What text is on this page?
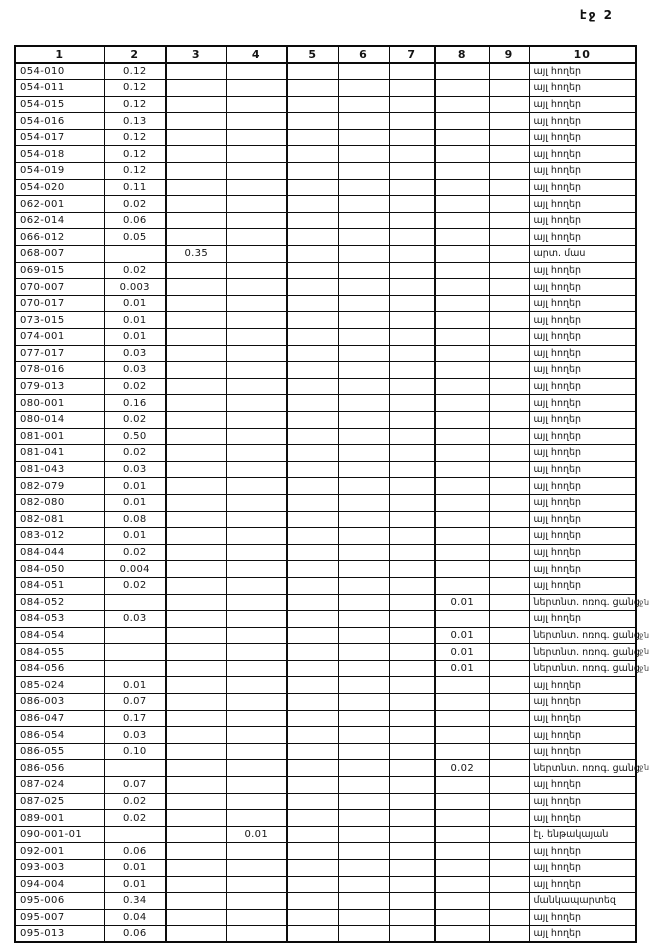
էջ 2
1	2	3	4	5	6	7	8	9	10
054-010	0.12								այլ հողեր
054-011	0.12								այլ հողեր
054-015	0.12								այլ հողեր
054-016	0.13								այլ հողեր
054-017	0.12								այլ հողեր
054-018	0.12								այլ հողեր
054-019	0.12								այլ հողեր
054-020	0.11								այլ հողեր
062-001	0.02								այլ հողեր
062-014	0.06								այլ հողեր
066-012	0.05								այլ հողեր
068-007		0.35							արտ. մաս
069-015	0.02								այլ հողեր
070-007	0.003								այլ հողեր
070-017	0.01								այլ հողեր
073-015	0.01								այլ հողեր
074-001	0.01								այլ հողեր
077-017	0.03								այլ հողեր
078-016	0.03								այլ հողեր
079-013	0.02								այլ հողեր
080-001	0.16								այլ հողեր
080-014	0.02								այլ հողեր
081-001	0.50								այլ հողեր
081-041	0.02								այլ հողեր
081-043	0.03								այլ հողեր
082-079	0.01								այլ հողեր
082-080	0.01								այլ հողեր
082-081	0.08								այլ հողեր
083-012	0.01								այլ հողեր
084-044	0.02								այլ հողեր
084-050	0.004								այլ հողեր
084-051	0.02								այլ հողեր
084-052							0.01		ներտնտ. ոռոգ. ցանց ջն

084-053	0.03								այլ հողեր
084-054							0.01		ներտնտ. ոռոգ. ցանց ջն

084-055							0.01		ներտնտ. ոռոգ. ցանց ջն

084-056							0.01		ներտնտ. ոռոգ. ցանց ջն

085-024	0.01								այլ հողեր
086-003	0.07								այլ հողեր
086-047	0.17								այլ հողեր
086-054	0.03								այլ հողեր
086-055	0.10								այլ հողեր
086-056							0.02		ներտնտ. ոռոգ. ցանց ջն

087-024	0.07								այլ հողեր
087-025	0.02								այլ հողեր
089-001	0.02								այլ հողեր
090-001-01			0.01						էլ. ենթակայան
092-001	0.06								այլ հողեր
093-003	0.01								այլ հողեր
094-004	0.01								այլ հողեր
095-006	0.34								մանկապարտեզ
095-007	0.04								այլ հողեր
095-013	0.06								այլ հողեր
